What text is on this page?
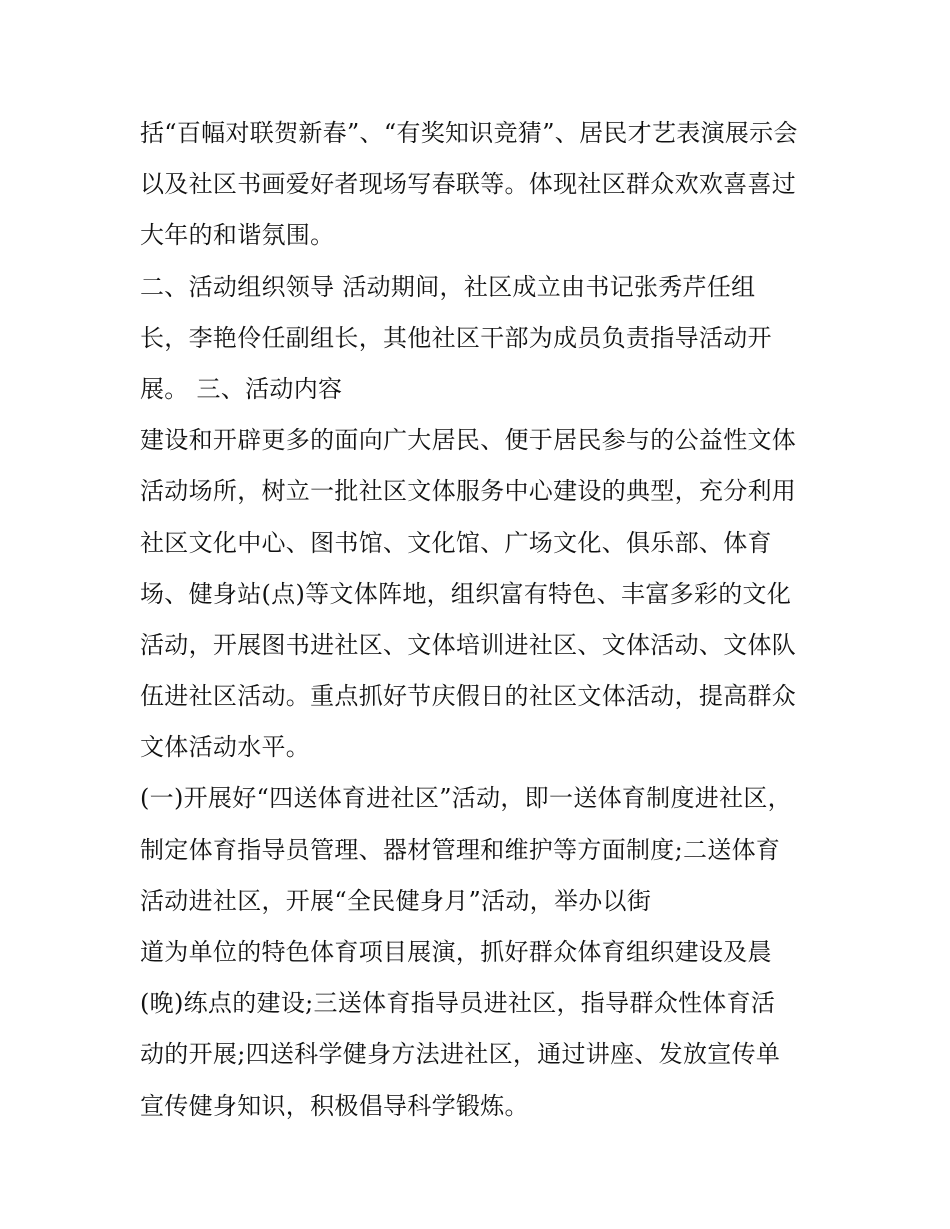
括“百幅对联贺新春”、“有奖知识竞猜”、居民才艺表演展示会
以及社区书画爱好者现场写春联等。体现社区群众欢欢喜喜过
大年的和谐氛围。
二、活动组织领导 活动期间，社区成立由书记张秀芹任组
长，李艳伶任副组长，其他社区干部为成员负责指导活动开
展。 三、活动内容
建设和开辟更多的面向广大居民、便于居民参与的公益性文体
活动场所，树立一批社区文体服务中心建设的典型，充分利用
社区文化中心、图书馆、文化馆、广场文化、俱乐部、体育
场、健身站(点)等文体阵地，组织富有特色、丰富多彩的文化
活动，开展图书进社区、文体培训进社区、文体活动、文体队
伍进社区活动。重点抓好节庆假日的社区文体活动，提高群众
文体活动水平。
(一)开展好“四送体育进社区”活动，即一送体育制度进社区，
制定体育指导员管理、器材管理和维护等方面制度;二送体育
活动进社区，开展“全民健身月”活动，举办以街
道为单位的特色体育项目展演，抓好群众体育组织建设及晨
(晚)练点的建设;三送体育指导员进社区，指导群众性体育活
动的开展;四送科学健身方法进社区，通过讲座、发放宣传单
宣传健身知识，积极倡导科学锻炼。
